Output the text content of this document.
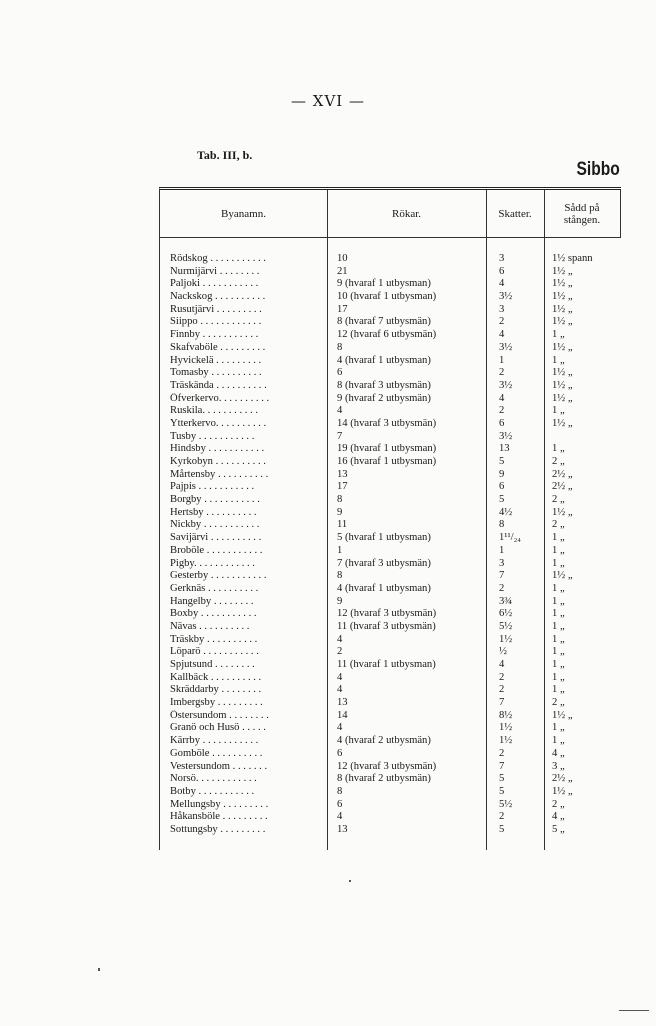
— XVI —
Tab. III, b.
Sibbo
Byanamn.	Rökar.	Skatter.	Sådd på
stången.
Rödskog . . . . . . . . . . .	10	3	1½ spann
Nurmijärvi . . . . . . . .	21	6	1½ „
Paljoki . . . . . . . . . . .	9 (hvaraf 1 utbysman)	4	1½ „
Nackskog . . . . . . . . . .	10 (hvaraf 1 utbysman)	3½	1½ „
Rusutjärvi . . . . . . . . .	17	3	1½ „
Siippo . . . . . . . . . . . .	8 (hvaraf 7 utbysmän)	2	1½ „
Finnby . . . . . . . . . . .	12 (hvaraf 6 utbysmän)	4	1 „
Skafvaböle . . . . . . . . .	8	3½	1½ „
Hyvickelä . . . . . . . . .	4 (hvaraf 1 utbysman)	1	1 „
Tomasby . . . . . . . . . .	6	2	1½ „
Träskända . . . . . . . . . .	8 (hvaraf 3 utbysmän)	3½	1½ „
Öfverkervo. . . . . . . . . .	9 (hvaraf 2 utbysmän)	4	1½ „
Ruskila. . . . . . . . . . .	4	2	1 „
Ytterkervo. . . . . . . . . .	14 (hvaraf 3 utbysmän)	6	1½ „
Tusby . . . . . . . . . . .	7	3½
Hindsby . . . . . . . . . . .	19 (hvaraf 1 utbysman)	13	1 „
Kyrkobyn . . . . . . . . . .	16 (hvaraf 1 utbysman)	5	2 „
Mårtensby . . . . . . . . . .	13	9	2½ „
Pajpis . . . . . . . . . . .	17	6	2½ „
Borgby . . . . . . . . . . .	8	5	2 „
Hertsby . . . . . . . . . .	9	4½	1½ „
Nickby . . . . . . . . . . .	11	8	2 „
Savijärvi . . . . . . . . . .	5 (hvaraf 1 utbysman)	1¹¹/₂₄	1 „
Broböle . . . . . . . . . . .	1	1	1 „
Pigby. . . . . . . . . . . .	7 (hvaraf 3 utbysmän)	3	1 „
Gesterby . . . . . . . . . . .	8	7	1½ „
Gerknäs . . . . . . . . . .	4 (hvaraf 1 utbysman)	2	1 „
Hangelby . . . . . . . .	9	3¾	1 „
Boxby . . . . . . . . . . .	12 (hvaraf 3 utbysmän)	6½	1 „
Nävas . . . . . . . . . .	11 (hvaraf 3 utbysmän)	5½	1 „
Träskby . . . . . . . . . .	4	1½	1 „
Löparö . . . . . . . . . . .	2	½	1 „
Spjutsund . . . . . . . .	11 (hvaraf 1 utbysman)	4	1 „
Kallbäck . . . . . . . . . .	4	2	1 „
Skräddarby . . . . . . . .	4	2	1 „
Imbergsby . . . . . . . . .	13	7	2 „
Östersundom . . . . . . . .	14	8½	1½ „
Granö och Husö . . . . .	4	1½	1 „
Kärrby . . . . . . . . . . .	4 (hvaraf 2 utbysmän)	1½	1 „
Gomböle . . . . . . . . . .	6	2	4 „
Vestersundom . . . . . . .	12 (hvaraf 3 utbysmän)	7	3 „
Norsö. . . . . . . . . . . .	8 (hvaraf 2 utbysmän)	5	2½ „
Botby . . . . . . . . . . .	8	5	1½ „
Mellungsby . . . . . . . . .	6	5½	2 „
Håkansböle . . . . . . . . .	4	2	4 „
Sottungsby . . . . . . . . .	13	5	5 „
